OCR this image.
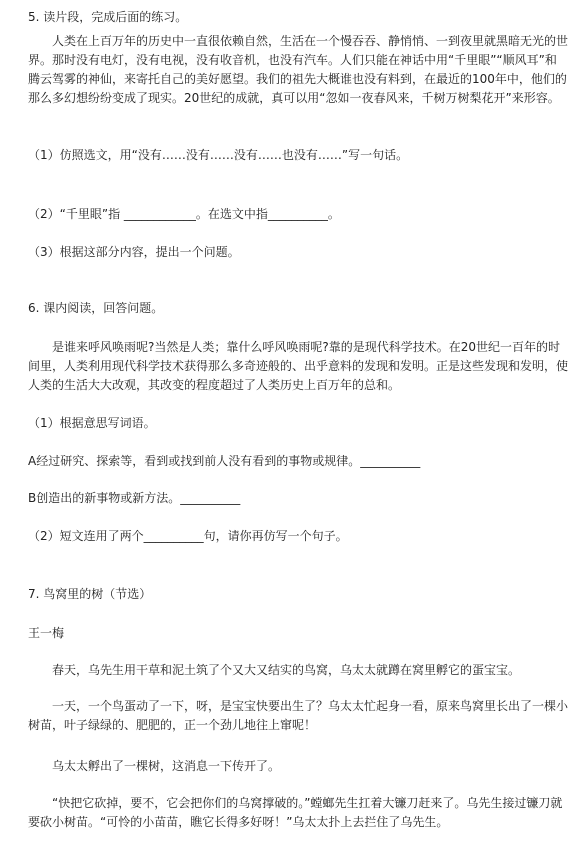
5. 读片段，完成后面的练习。
人类在上百万年的历史中一直很依赖自然，生活在一个慢吞吞、静悄悄、一到夜里就黑暗无光的世界。那时没有电灯，没有电视，没有收音机，也没有汽车。人们只能在神话中用“千里眼”“顺风耳”和腾云驾雾的神仙，来寄托自己的美好愿望。我们的祖先大概谁也没有料到，在最近的100年中，他们的那么多幻想纷纷变成了现实。20世纪的成就，真可以用“忽如一夜春风来，千树万树梨花开”来形容。
（1）仿照选文，用“没有……没有……没有……也没有……”写一句话。
（2）“千里眼”指 ____________。在选文中指__________。
（3）根据这部分内容，提出一个问题。
6. 课内阅读，回答问题。
是谁来呼风唤雨呢?当然是人类；靠什么呼风唤雨呢?靠的是现代科学技术。在20世纪一百年的时间里，人类利用现代科学技术获得那么多奇迹般的、出乎意料的发现和发明。正是这些发现和发明，使人类的生活大大改观，其改变的程度超过了人类历史上百万年的总和。
（1）根据意思写词语。
A经过研究、探索等，看到或找到前人没有看到的事物或规律。__________
B创造出的新事物或新方法。__________
（2）短文连用了两个__________句，请你再仿写一个句子。
7. 鸟窝里的树（节选）
王一梅
春天，乌先生用干草和泥土筑了个又大又结实的鸟窝，乌太太就蹲在窝里孵它的蛋宝宝。
一天，一个鸟蛋动了一下，呀，是宝宝快要出生了？乌太太忙起身一看，原来鸟窝里长出了一棵小树苗，叶子绿绿的、肥肥的，正一个劲儿地往上窜呢！
乌太太孵出了一棵树，这消息一下传开了。
“快把它砍掉，要不，它会把你们的乌窝撑破的。”螳螂先生扛着大镰刀赶来了。乌先生接过镰刀就要砍小树苗。“可怜的小苗苗，瞧它长得多好呀！”乌太太扑上去拦住了乌先生。
